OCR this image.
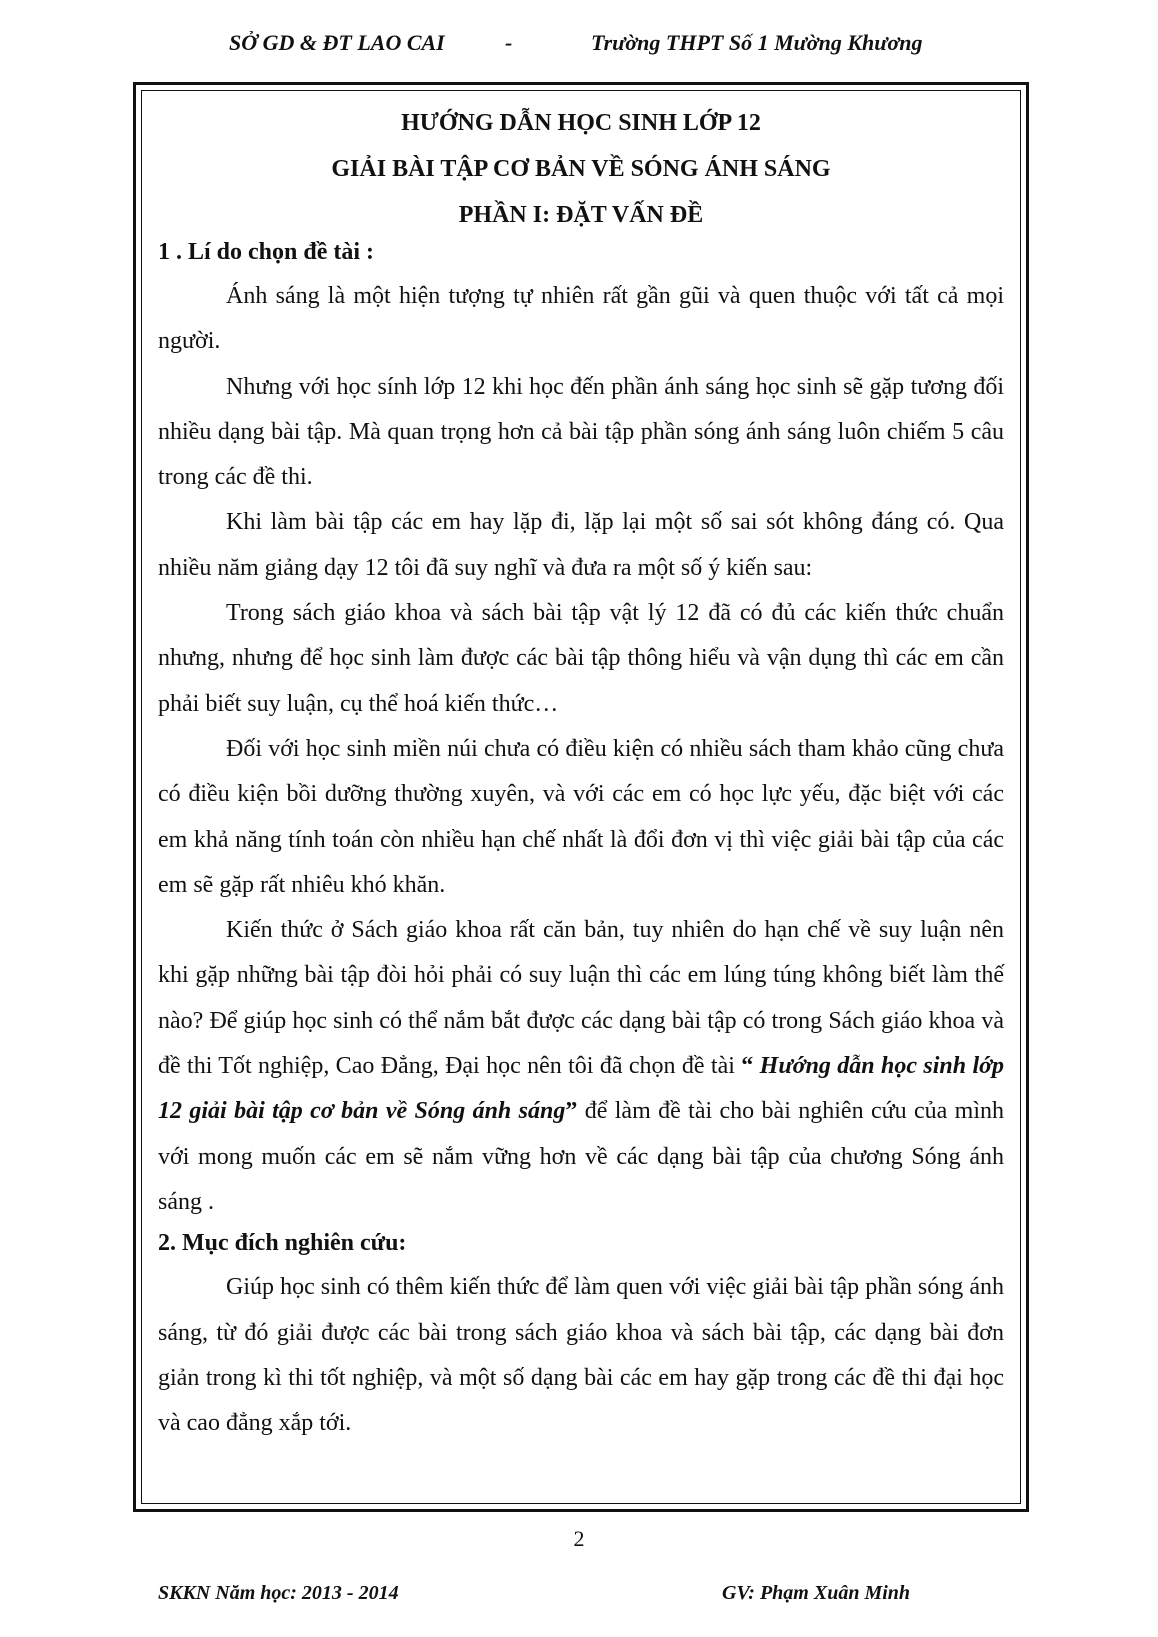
SỞ GD & ĐT LAO CAI	-	Trường THPT Số 1 Mường Khương

HƯỚNG DẪN HỌC SINH LỚP 12

GIẢI BÀI TẬP CƠ BẢN VỀ SÓNG ÁNH SÁNG

PHẦN I: ĐẶT VẤN ĐỀ

1 . Lí do chọn đề tài :

Ánh sáng là một hiện tượng tự nhiên rất gần gũi và quen thuộc với tất cả mọi người.

Nhưng với học sính lớp 12 khi học đến phần ánh sáng học sinh sẽ gặp tương đối nhiều dạng bài tập. Mà quan trọng hơn cả bài tập phần sóng ánh sáng luôn chiếm 5 câu trong các đề thi.

Khi làm bài tập các em hay lặp đi, lặp lại một số sai sót không đáng có. Qua nhiều năm giảng dạy 12 tôi đã suy nghĩ và đưa ra một số ý kiến sau:

Trong sách giáo khoa và sách bài tập vật lý 12 đã có đủ các kiến thức chuẩn nhưng, nhưng để học sinh làm được các bài tập thông hiểu và vận dụng thì các em cần phải biết suy luận, cụ thể hoá kiến thức…

Đối với học sinh miền núi chưa có điều kiện có nhiều sách tham khảo cũng chưa có điều kiện bồi dưỡng thường xuyên, và với các em có học lực yếu, đặc biệt với các em khả năng tính toán còn nhiều hạn chế nhất là đổi đơn vị thì việc giải bài tập của các em sẽ gặp rất nhiêu khó khăn.

Kiến thức ở Sách giáo khoa rất căn bản, tuy nhiên do hạn chế về suy luận nên khi gặp những bài tập đòi hỏi phải có suy luận thì các em lúng túng không biết làm thế nào? Để giúp học sinh có thể nắm bắt được các dạng bài tập có trong Sách giáo khoa và đề thi Tốt nghiệp, Cao Đẳng, Đại học nên tôi đã chọn đề tài “ Hướng dẫn học sinh lớp 12 giải bài tập cơ bản về Sóng ánh sáng” để làm đề tài cho bài nghiên cứu của mình với mong muốn các em sẽ nắm vững hơn về các dạng bài tập của chương Sóng ánh sáng .

2. Mục đích nghiên cứu:

Giúp học sinh có thêm kiến thức để làm quen với việc giải bài tập phần sóng ánh sáng, từ đó giải được các bài trong sách giáo khoa và sách bài tập, các dạng bài đơn giản trong kì thi tốt nghiệp, và một số dạng bài các em hay gặp trong các đề thi đại học và cao đẳng xắp tới.

2
SKKN Năm học: 2013 - 2014	GV: Phạm Xuân Minh
